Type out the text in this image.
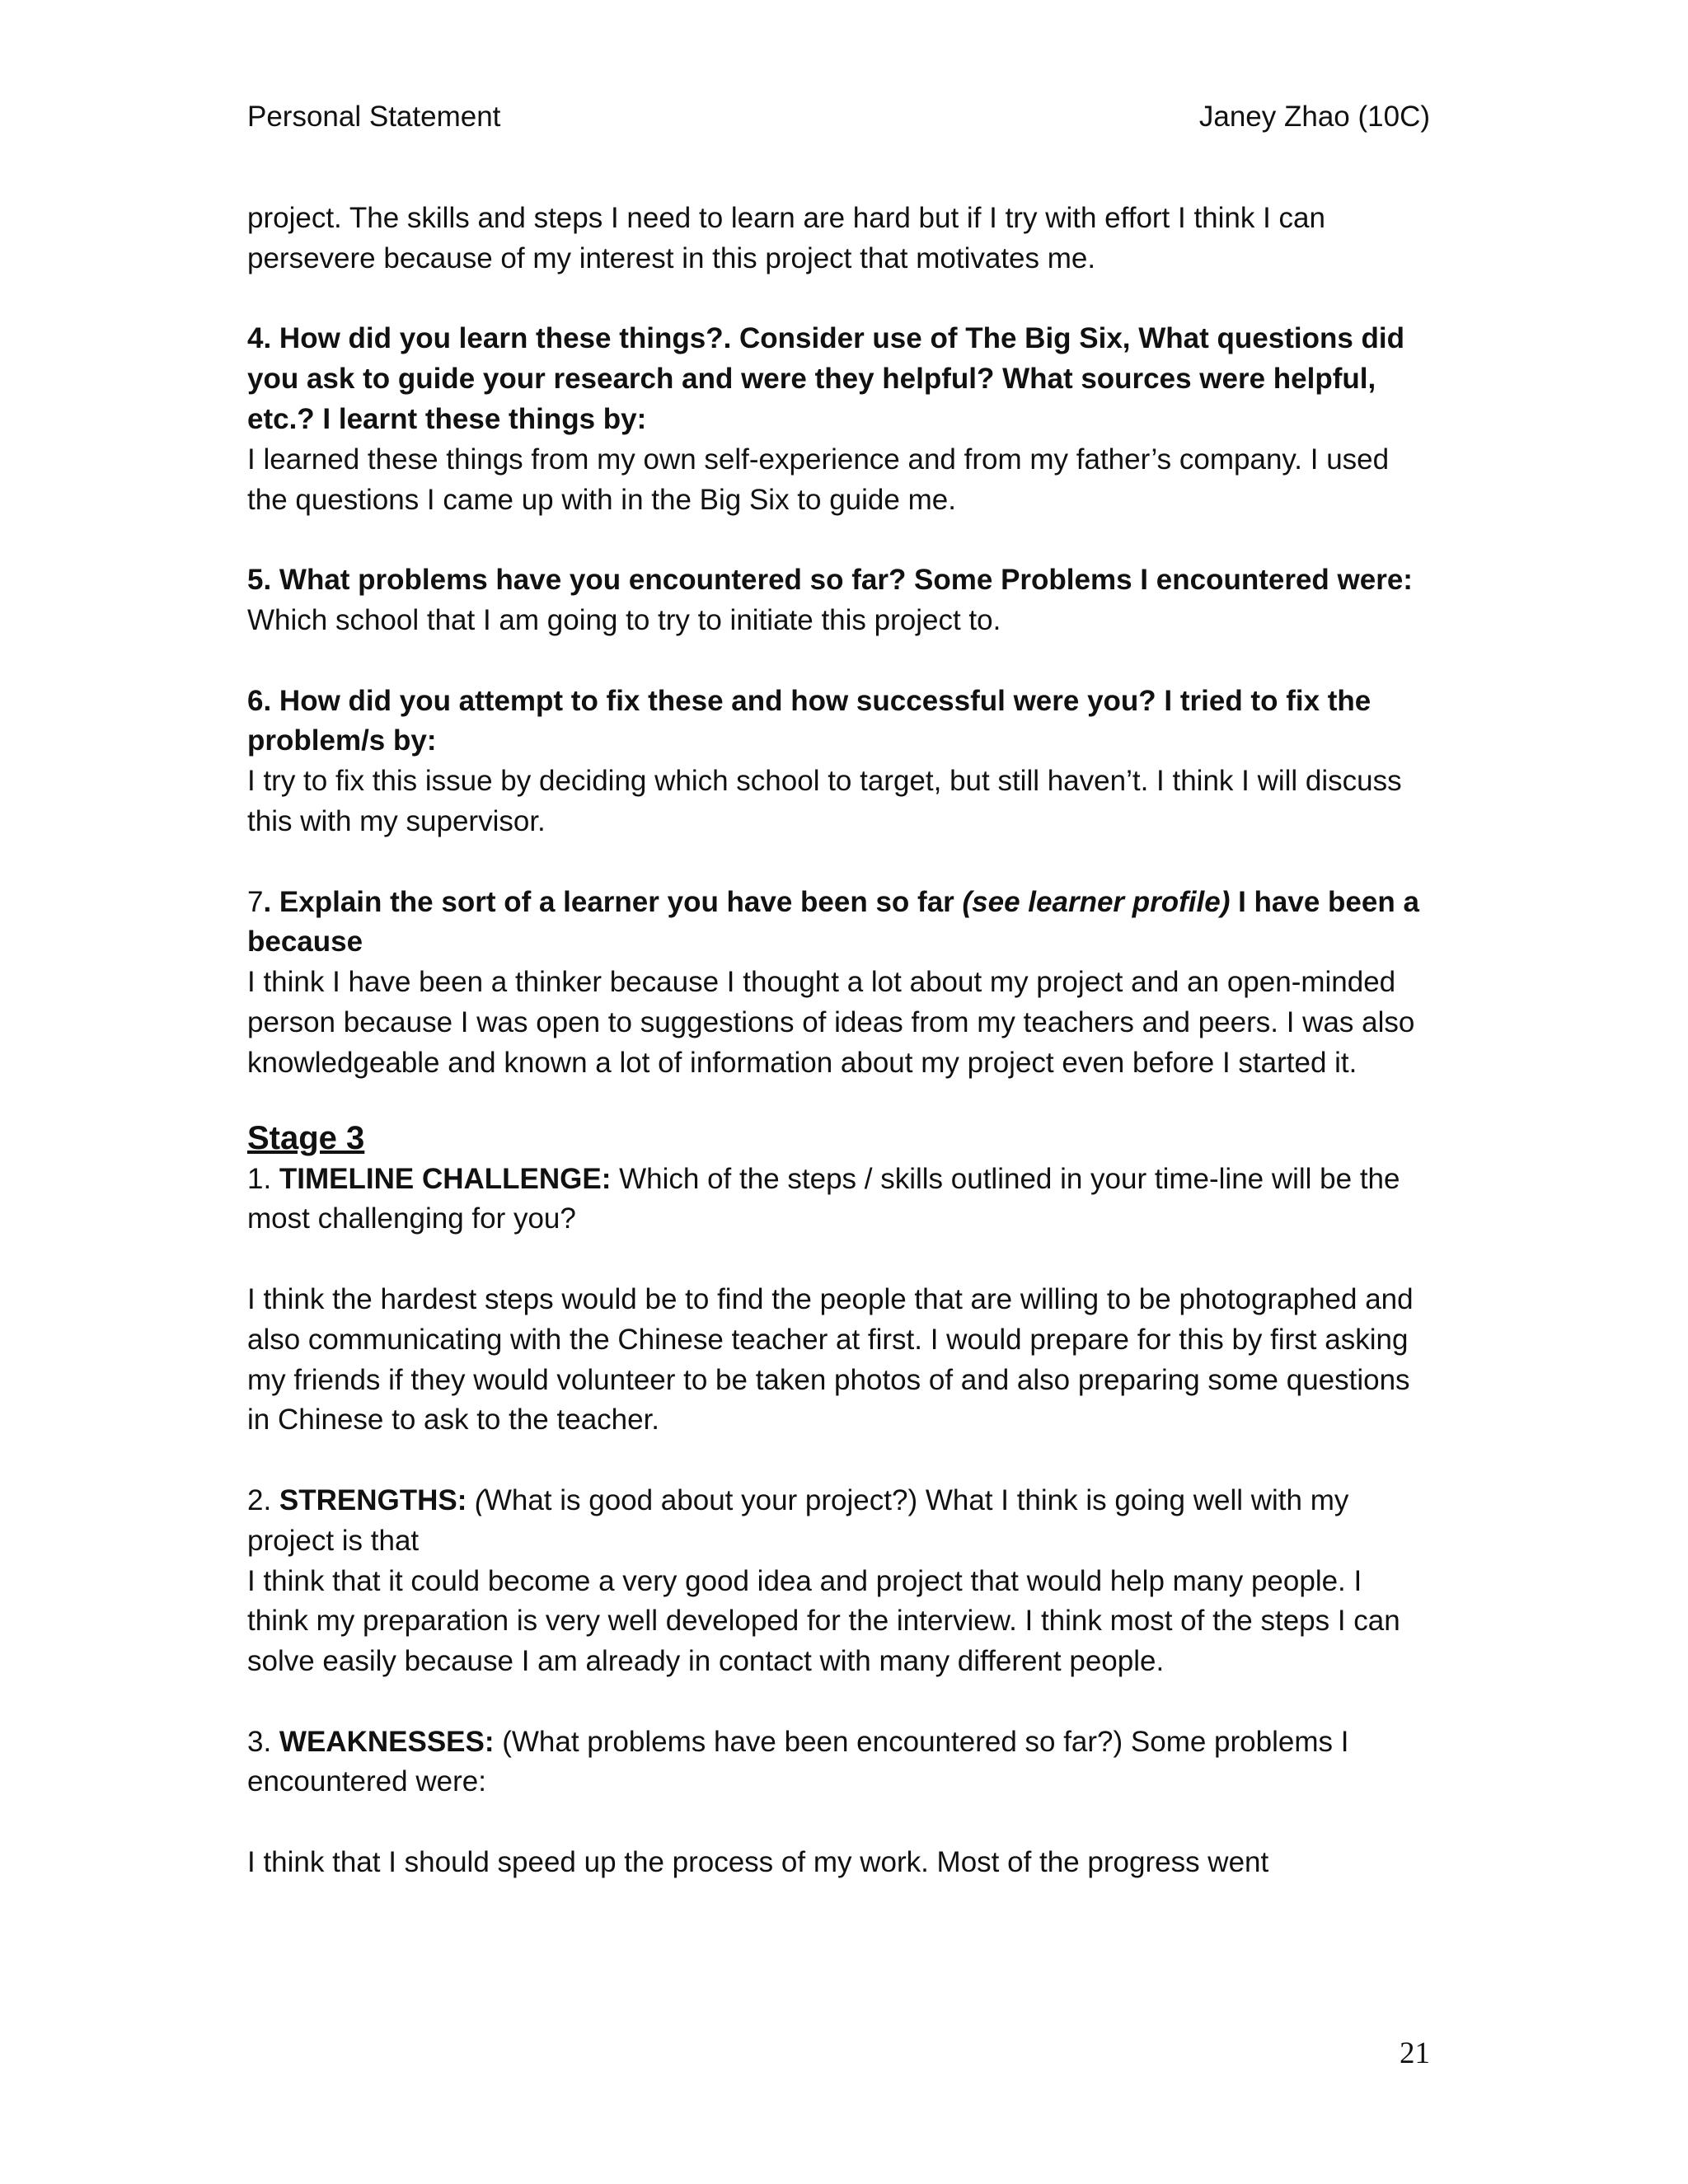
Personal Statement	Janey Zhao (10C)

project. The skills and steps I need to learn are hard but if I try with effort I think I can persevere because of my interest in this project that motivates me.

4. How did you learn these things?. Consider use of The Big Six, What questions did you ask to guide your research and were they helpful? What sources were helpful, etc.? I learnt these things by:

I learned these things from my own self-experience and from my father’s company. I used the questions I came up with in the Big Six to guide me.

5. What problems have you encountered so far? Some Problems I encountered were:

Which school that I am going to try to initiate this project to.

6. How did you attempt to fix these and how successful were you? I tried to fix the problem/s by:

I try to fix this issue by deciding which school to target, but still haven’t. I think I will discuss this with my supervisor.

7. Explain the sort of a learner you have been so far (see learner profile) I have been a because

I think I have been a thinker because I thought a lot about my project and an open-minded person because I was open to suggestions of ideas from my teachers and peers. I was also knowledgeable and known a lot of information about my project even before I started it.

Stage 3

1. TIMELINE CHALLENGE: Which of the steps / skills outlined in your time-line will be the most challenging for you?

I think the hardest steps would be to find the people that are willing to be photographed and also communicating with the Chinese teacher at first. I would prepare for this by first asking my friends if they would volunteer to be taken photos of and also preparing some questions in Chinese to ask to the teacher.

2. STRENGTHS: (What is good about your project?) What I think is going well with my project is that

I think that it could become a very good idea and project that would help many people. I think my preparation is very well developed for the interview. I think most of the steps I can solve easily because I am already in contact with many different people.

3. WEAKNESSES: (What problems have been encountered so far?) Some problems I encountered were:

I think that I should speed up the process of my work. Most of the progress went

21
